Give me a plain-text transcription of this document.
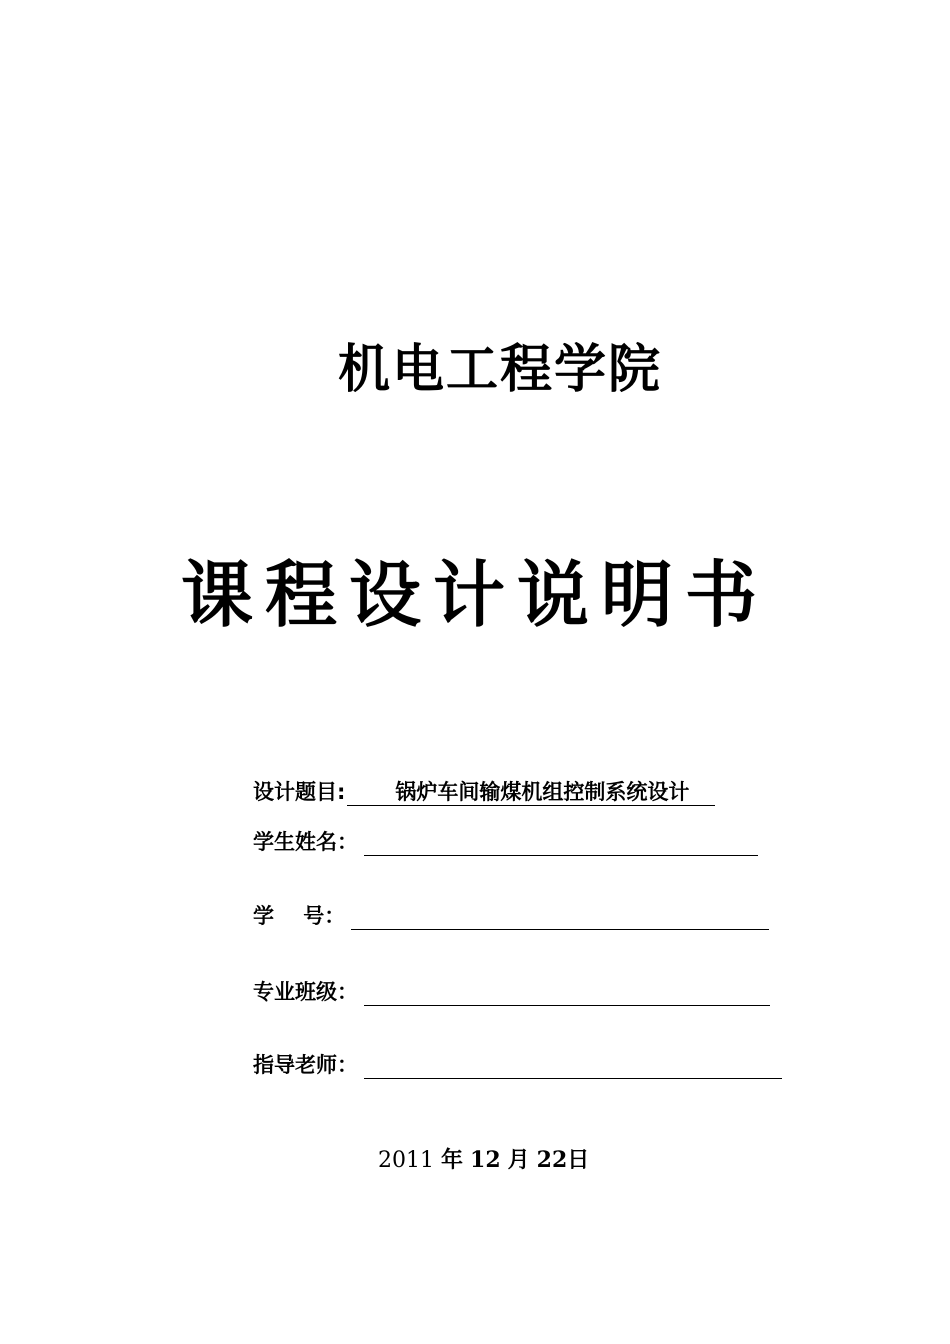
机电工程学院
课程设计说明书
设计题目:	锅炉车间输煤机组控制系统设计
学生姓名：
学    号：
专业班级：
指导老师：
2011 年 12 月 22日
